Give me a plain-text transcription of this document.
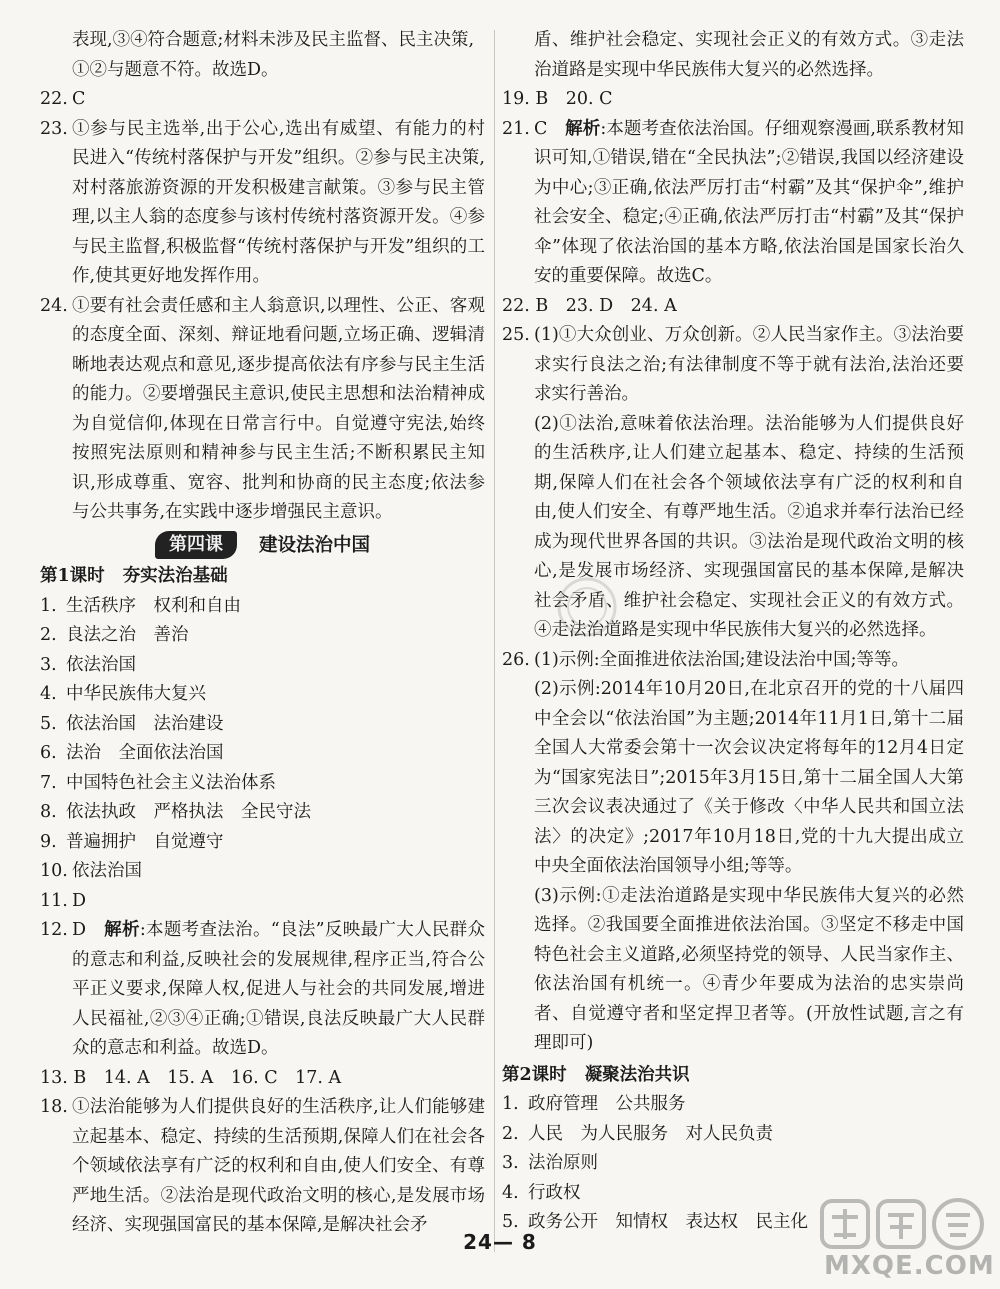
表现,③④符合题意;材料未涉及民主监督、民主决策,
①②与题意不符。故选D。
22. C
23. ①参与民主选举,出于公心,选出有威望、有能力的村民进入“传统村落保护与开发”组织。②参与民主决策,对村落旅游资源的开发积极建言献策。③参与民主管理,以主人翁的态度参与该村传统村落资源开发。④参与民主监督,积极监督“传统村落保护与开发”组织的工作,使其更好地发挥作用。
24. ①要有社会责任感和主人翁意识,以理性、公正、客观的态度全面、深刻、辩证地看问题,立场正确、逻辑清晰地表达观点和意见,逐步提高依法有序参与民主生活的能力。②要增强民主意识,使民主思想和法治精神成为自觉信仰,体现在日常言行中。自觉遵守宪法,始终按照宪法原则和精神参与民主生活;不断积累民主知识,形成尊重、宽容、批判和协商的民主态度;依法参与公共事务,在实践中逐步增强民主意识。
第四课	建设法治中国
第1课时 夯实法治基础
1. 生活秩序　权利和自由
2. 良法之治　善治
3. 依法治国
4. 中华民族伟大复兴
5. 依法治国　法治建设
6. 法治　全面依法治国
7. 中国特色社会主义法治体系
8. 依法执政　严格执法　全民守法
9. 普遍拥护　自觉遵守
10. 依法治国
11. D
12. D　 解析:本题考查法治。“良法”反映最广大人民群众的意志和利益,反映社会的发展规律,程序正当,符合公平正义要求,保障人权,促进人与社会的共同发展,增进人民福祉,②③④正确;①错误,良法反映最广大人民群众的意志和利益。故选D。
13. B　14. A　15. A　16. C　17. A
18. ①法治能够为人们提供良好的生活秩序,让人们能够建立起基本、稳定、持续的生活预期,保障人们在社会各个领域依法享有广泛的权利和自由,使人们安全、有尊严地生活。②法治是现代政治文明的核心,是发展市场经济、实现强国富民的基本保障,是解决社会矛
盾、维护社会稳定、实现社会正义的有效方式。③走法治道路是实现中华民族伟大复兴的必然选择。
19. B　20. C
21. C　 解析:本题考查依法治国。仔细观察漫画,联系教材知识可知,①错误,错在“全民执法”;②错误,我国以经济建设为中心;③正确,依法严厉打击“村霸”及其“保护伞”,维护社会安全、稳定;④正确,依法严厉打击“村霸”及其“保护伞”体现了依法治国的基本方略,依法治国是国家长治久安的重要保障。故选C。
22. B　23. D　24. A
25. (1)①大众创业、万众创新。②人民当家作主。③法治要求实行良法之治;有法律制度不等于就有法治,法治还要求实行善治。
(2)①法治,意味着依法治理。法治能够为人们提供良好的生活秩序,让人们建立起基本、稳定、持续的生活预期,保障人们在社会各个领域依法享有广泛的权利和自由,使人们安全、有尊严地生活。②追求并奉行法治已经成为现代世界各国的共识。③法治是现代政治文明的核心,是发展市场经济、实现强国富民的基本保障,是解决社会矛盾、维护社会稳定、实现社会正义的有效方式。④走法治道路是实现中华民族伟大复兴的必然选择。
26. (1)示例:全面推进依法治国;建设法治中国;等等。
(2)示例:2014年10月20日,在北京召开的党的十八届四中全会以“依法治国”为主题;2014年11月1日,第十二届全国人大常委会第十一次会议决定将每年的12月4日定为“国家宪法日”;2015年3月15日,第十二届全国人大第三次会议表决通过了《关于修改〈中华人民共和国立法法〉的决定》;2017年10月18日,党的十九大提出成立中央全面依法治国领导小组;等等。
(3)示例:①走法治道路是实现中华民族伟大复兴的必然选择。②我国要全面推进依法治国。③坚定不移走中国特色社会主义道路,必须坚持党的领导、人民当家作主、依法治国有机统一。④青少年要成为法治的忠实崇尚者、自觉遵守者和坚定捍卫者等。(开放性试题,言之有理即可)
第2课时 凝聚法治共识
1. 政府管理　公共服务
2. 人民　为人民服务　对人民负责
3. 法治原则
4. 行政权
5. 政务公开　知情权　表达权　民主化
24— 8
MXQE.COM
